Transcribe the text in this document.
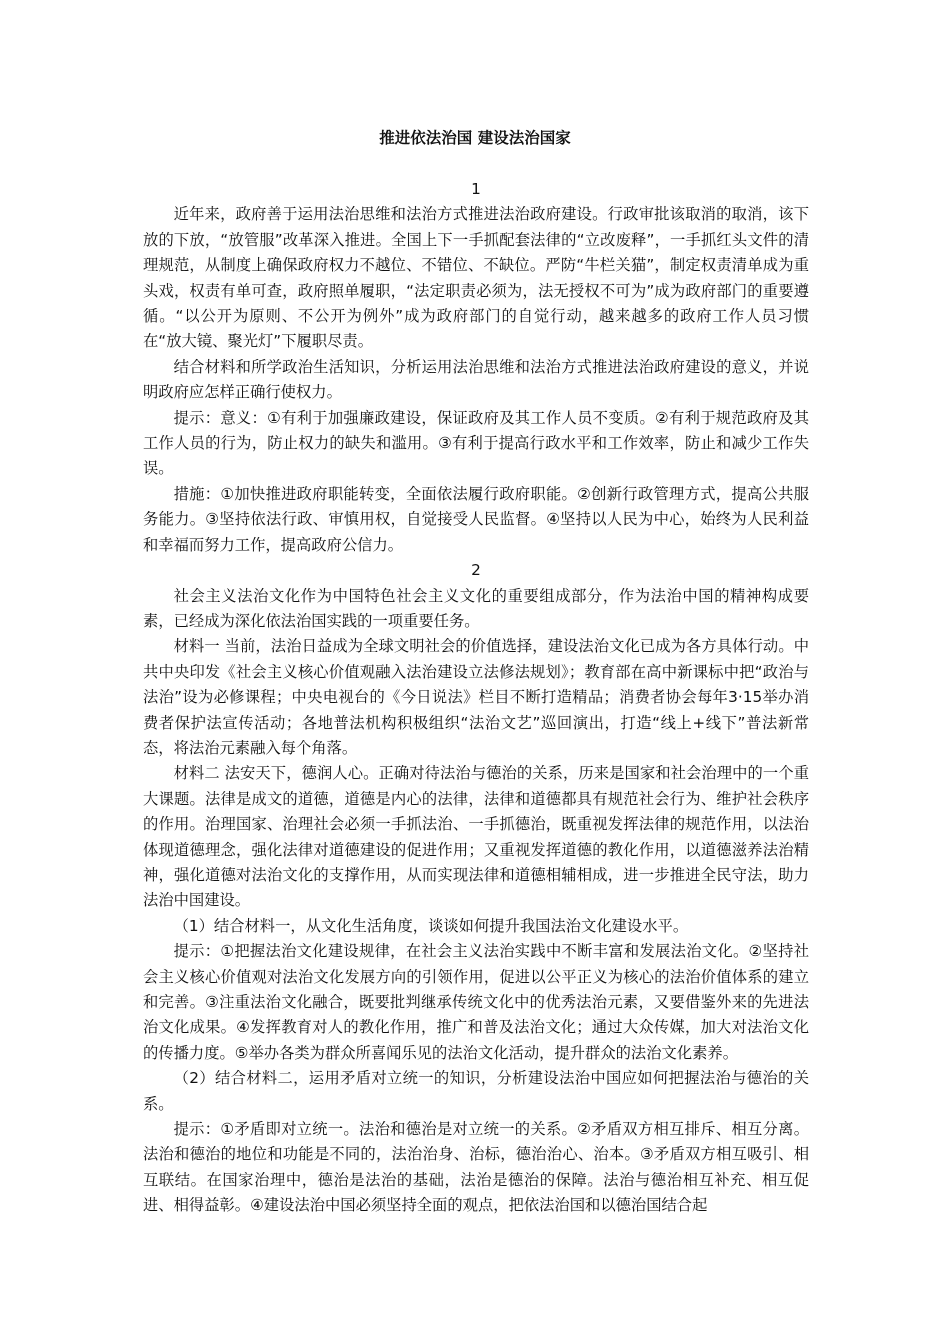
推进依法治国 建设法治国家

1

近年来，政府善于运用法治思维和法治方式推进法治政府建设。行政审批该取消的取消，该下放的下放，“放管服”改革深入推进。全国上下一手抓配套法律的“立改废释”，一手抓红头文件的清理规范，从制度上确保政府权力不越位、不错位、不缺位。严防“牛栏关猫”，制定权责清单成为重头戏，权责有单可查，政府照单履职，“法定职责必须为，法无授权不可为”成为政府部门的重要遵循。“以公开为原则、不公开为例外”成为政府部门的自觉行动，越来越多的政府工作人员习惯在“放大镜、聚光灯”下履职尽责。

结合材料和所学政治生活知识，分析运用法治思维和法治方式推进法治政府建设的意义，并说明政府应怎样正确行使权力。

提示：意义：①有利于加强廉政建设，保证政府及其工作人员不变质。②有利于规范政府及其工作人员的行为，防止权力的缺失和滥用。③有利于提高行政水平和工作效率，防止和减少工作失误。

措施：①加快推进政府职能转变，全面依法履行政府职能。②创新行政管理方式，提高公共服务能力。③坚持依法行政、审慎用权，自觉接受人民监督。④坚持以人民为中心，始终为人民利益和幸福而努力工作，提高政府公信力。

2

社会主义法治文化作为中国特色社会主义文化的重要组成部分，作为法治中国的精神构成要素，已经成为深化依法治国实践的一项重要任务。

材料一 当前，法治日益成为全球文明社会的价值选择，建设法治文化已成为各方具体行动。中共中央印发《社会主义核心价值观融入法治建设立法修法规划》；教育部在高中新课标中把“政治与法治”设为必修课程；中央电视台的《今日说法》栏目不断打造精品；消费者协会每年3·15举办消费者保护法宣传活动；各地普法机构积极组织“法治文艺”巡回演出，打造“线上+线下”普法新常态，将法治元素融入每个角落。

材料二 法安天下，德润人心。正确对待法治与德治的关系，历来是国家和社会治理中的一个重大课题。法律是成文的道德，道德是内心的法律，法律和道德都具有规范社会行为、维护社会秩序的作用。治理国家、治理社会必须一手抓法治、一手抓德治，既重视发挥法律的规范作用，以法治体现道德理念，强化法律对道德建设的促进作用；又重视发挥道德的教化作用，以道德滋养法治精神，强化道德对法治文化的支撑作用，从而实现法律和道德相辅相成，进一步推进全民守法，助力法治中国建设。

（1）结合材料一，从文化生活角度，谈谈如何提升我国法治文化建设水平。

提示：①把握法治文化建设规律，在社会主义法治实践中不断丰富和发展法治文化。②坚持社会主义核心价值观对法治文化发展方向的引领作用，促进以公平正义为核心的法治价值体系的建立和完善。③注重法治文化融合，既要批判继承传统文化中的优秀法治元素，又要借鉴外来的先进法治文化成果。④发挥教育对人的教化作用，推广和普及法治文化；通过大众传媒，加大对法治文化的传播力度。⑤举办各类为群众所喜闻乐见的法治文化活动，提升群众的法治文化素养。

（2）结合材料二，运用矛盾对立统一的知识，分析建设法治中国应如何把握法治与德治的关系。

提示：①矛盾即对立统一。法治和德治是对立统一的关系。②矛盾双方相互排斥、相互分离。法治和德治的地位和功能是不同的，法治治身、治标，德治治心、治本。③矛盾双方相互吸引、相互联结。在国家治理中，德治是法治的基础，法治是德治的保障。法治与德治相互补充、相互促进、相得益彰。④建设法治中国必须坚持全面的观点，把依法治国和以德治国结合起
